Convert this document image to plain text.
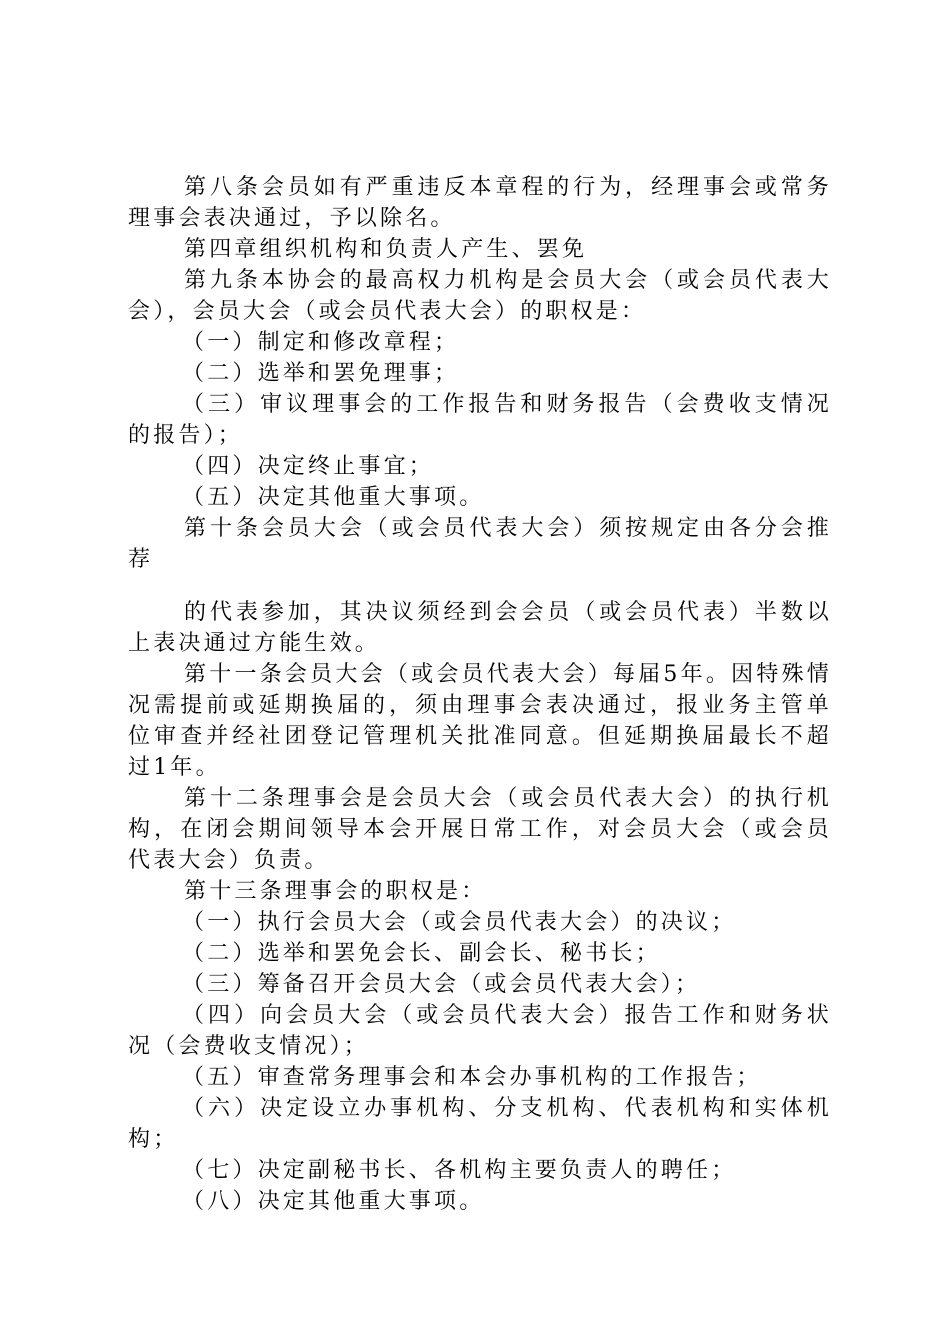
第八条会员如有严重违反本章程的行为，经理事会或常务理事会表决通过，予以除名。

第四章组织机构和负责人产生、罢免

第九条本协会的最高权力机构是会员大会（或会员代表大会），会员大会（或会员代表大会）的职权是：

（一）制定和修改章程；

（二）选举和罢免理事；

（三）审议理事会的工作报告和财务报告（会费收支情况的报告）；

（四）决定终止事宜；

（五）决定其他重大事项。

第十条会员大会（或会员代表大会）须按规定由各分会推荐

的代表参加，其决议须经到会会员（或会员代表）半数以上表决通过方能生效。

第十一条会员大会（或会员代表大会）每届5年。因特殊情况需提前或延期换届的，须由理事会表决通过，报业务主管单位审查并经社团登记管理机关批准同意。但延期换届最长不超过1年。

第十二条理事会是会员大会（或会员代表大会）的执行机构，在闭会期间领导本会开展日常工作，对会员大会（或会员代表大会）负责。

第十三条理事会的职权是：

（一）执行会员大会（或会员代表大会）的决议；

（二）选举和罢免会长、副会长、秘书长；

（三）筹备召开会员大会（或会员代表大会）；

（四）向会员大会（或会员代表大会）报告工作和财务状况（会费收支情况）；

（五）审查常务理事会和本会办事机构的工作报告；

（六）决定设立办事机构、分支机构、代表机构和实体机构；

（七）决定副秘书长、各机构主要负责人的聘任；

（八）决定其他重大事项。
